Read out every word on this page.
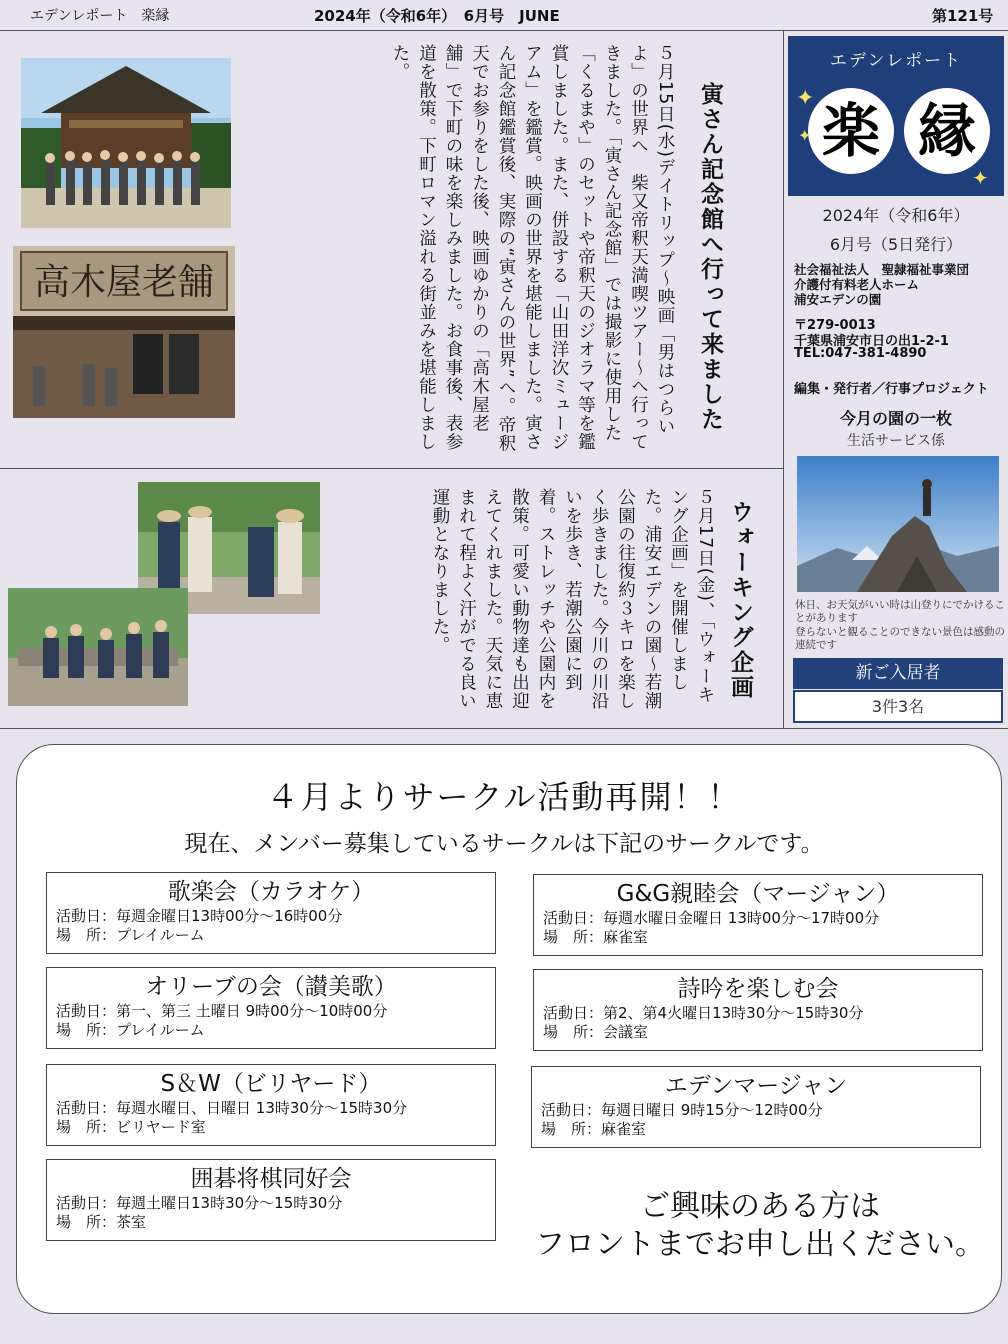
エデンレポート　楽縁	2024年（令和6年）　6月号　JUNE	第121号
寅さん記念館へ行って来ました
５月15日(水)デイトリップ～映画「男はつらいよ」の世界へ　柴又帝釈天満喫ツアー～へ行ってきました。「寅さん記念館」では撮影に使用した「くるまや」のセットや帝釈天のジオラマ等を鑑賞しました。また、併設する「山田洋次ミュージアム」を鑑賞。映画の世界を堪能しました。寅さん記念館鑑賞後、実際の“寅さんの世界”へ。帝釈天でお参りをした後、映画ゆかりの「高木屋老舗」で下町の味を楽しみました。お食事後、表参道を散策。下町ロマン溢れる街並みを堪能しました。
高木屋老舗
ウォーキング企画
５月17日(金)、「ウォーキング企画」を開催しました。浦安エデンの園～若潮公園の往復約３キロを楽しく歩きました。今川の川沿いを歩き、若潮公園に到着。ストレッチや公園内を散策。可愛い動物達も出迎えてくれました。天気に恵まれて程よく汗がでる良い運動となりました。
エデンレポート
楽 縁
✦
✦
✦
2024年（令和6年）
6月号（5日発行）
社会福祉法人　聖隷福祉事業団
介護付有料老人ホーム
浦安エデンの園
〒279-0013
千葉県浦安市日の出1-2-1
TEL:047-381-4890
編集・発行者／行事プロジェクト
今月の園の一枚
生活サービス係
休日、お天気がいい時は山登りにでかけることがあります
登らないと観ることのできない景色は感動の連続です
新ご入居者
3件3名
４月よりサークル活動再開！！
現在、メンバー募集しているサークルは下記のサークルです。
歌楽会（カラオケ）
活動日：毎週金曜日13時00分～16時00分
場　所：プレイルーム
G&G親睦会（マージャン）
活動日：毎週水曜日金曜日 13時00分～17時00分
場　所：麻雀室
オリーブの会（讃美歌）
活動日：第一、第三 土曜日 9時00分～10時00分
場　所：プレイルーム
詩吟を楽しむ会
活動日：第2、第4火曜日13時30分～15時30分
場　所：会議室
S＆W（ビリヤード）
活動日：毎週水曜日、日曜日 13時30分～15時30分
場　所：ビリヤード室
エデンマージャン
活動日：毎週日曜日 9時15分～12時00分
場　所：麻雀室
囲碁将棋同好会
活動日：毎週土曜日13時30分～15時30分
場　所：茶室	ご興味のある方は
フロントまでお申し出ください。
